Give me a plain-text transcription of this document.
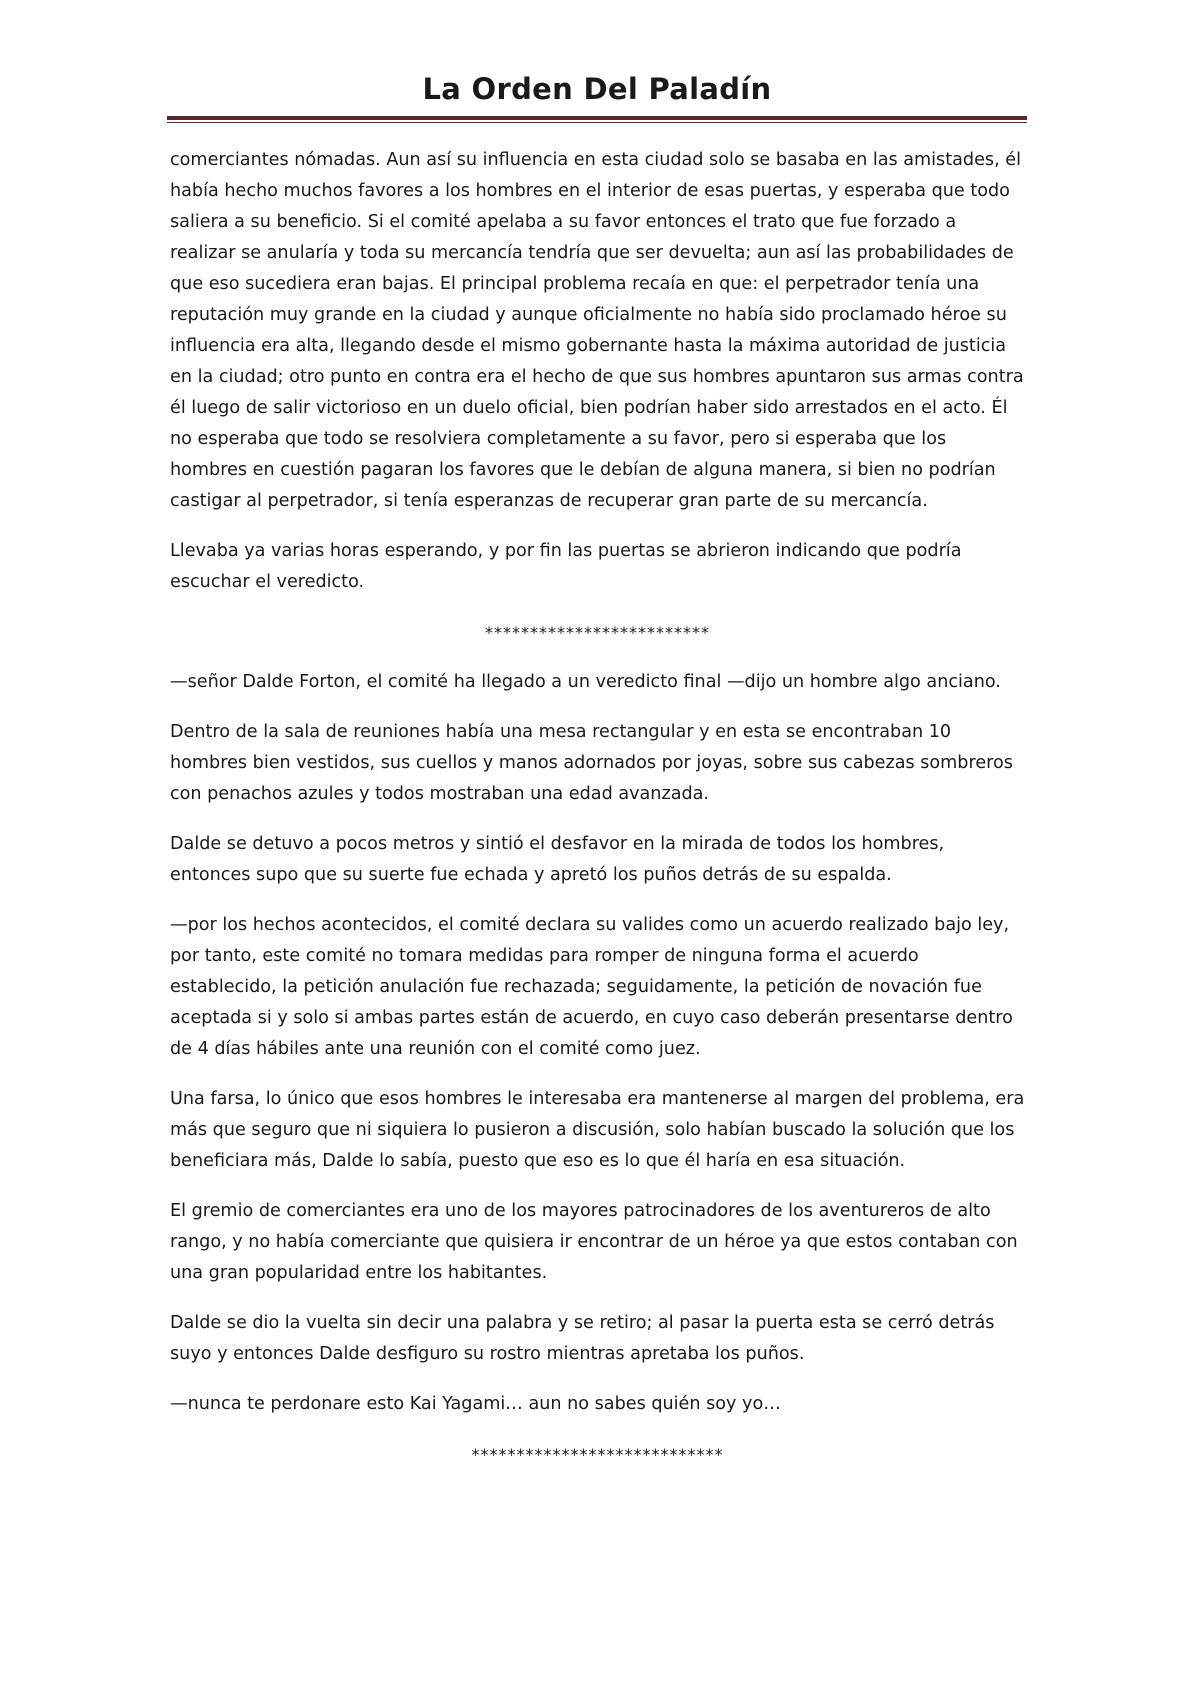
La Orden Del Paladín

comerciantes nómadas. Aun así su influencia en esta ciudad solo se basaba en las amistades, él había hecho muchos favores a los hombres en el interior de esas puertas, y esperaba que todo saliera a su beneficio. Si el comité apelaba a su favor entonces el trato que fue forzado a realizar se anularía y toda su mercancía tendría que ser devuelta; aun así las probabilidades de que eso sucediera eran bajas. El principal problema recaía en que: el perpetrador tenía una reputación muy grande en la ciudad y aunque oficialmente no había sido proclamado héroe su influencia era alta, llegando desde el mismo gobernante hasta la máxima autoridad de justicia en la ciudad; otro punto en contra era el hecho de que sus hombres apuntaron sus armas contra él luego de salir victorioso en un duelo oficial, bien podrían haber sido arrestados en el acto. Él no esperaba que todo se resolviera completamente a su favor, pero si esperaba que los hombres en cuestión pagaran los favores que le debían de alguna manera, si bien no podrían castigar al perpetrador, si tenía esperanzas de recuperar gran parte de su mercancía.

Llevaba ya varias horas esperando, y por fin las puertas se abrieron indicando que podría escuchar el veredicto.

*************************

—señor Dalde Forton, el comité ha llegado a un veredicto final —dijo un hombre algo anciano.

Dentro de la sala de reuniones había una mesa rectangular y en esta se encontraban 10 hombres bien vestidos, sus cuellos y manos adornados por joyas, sobre sus cabezas sombreros con penachos azules y todos mostraban una edad avanzada.

Dalde se detuvo a pocos metros y sintió el desfavor en la mirada de todos los hombres, entonces supo que su suerte fue echada y apretó los puños detrás de su espalda.

—por los hechos acontecidos, el comité declara su valides como un acuerdo realizado bajo ley, por tanto, este comité no tomara medidas para romper de ninguna forma el acuerdo establecido, la petición anulación fue rechazada; seguidamente, la petición de novación fue aceptada si y solo si ambas partes están de acuerdo, en cuyo caso deberán presentarse dentro de 4 días hábiles ante una reunión con el comité como juez.

Una farsa, lo único que esos hombres le interesaba era mantenerse al margen del problema, era más que seguro que ni siquiera lo pusieron a discusión, solo habían buscado la solución que los beneficiara más, Dalde lo sabía, puesto que eso es lo que él haría en esa situación.

El gremio de comerciantes era uno de los mayores patrocinadores de los aventureros de alto rango, y no había comerciante que quisiera ir encontrar de un héroe ya que estos contaban con una gran popularidad entre los habitantes.

Dalde se dio la vuelta sin decir una palabra y se retiro; al pasar la puerta esta se cerró detrás suyo y entonces Dalde desfiguro su rostro mientras apretaba los puños.

—nunca te perdonare esto Kai Yagami… aun no sabes quién soy yo…

****************************
